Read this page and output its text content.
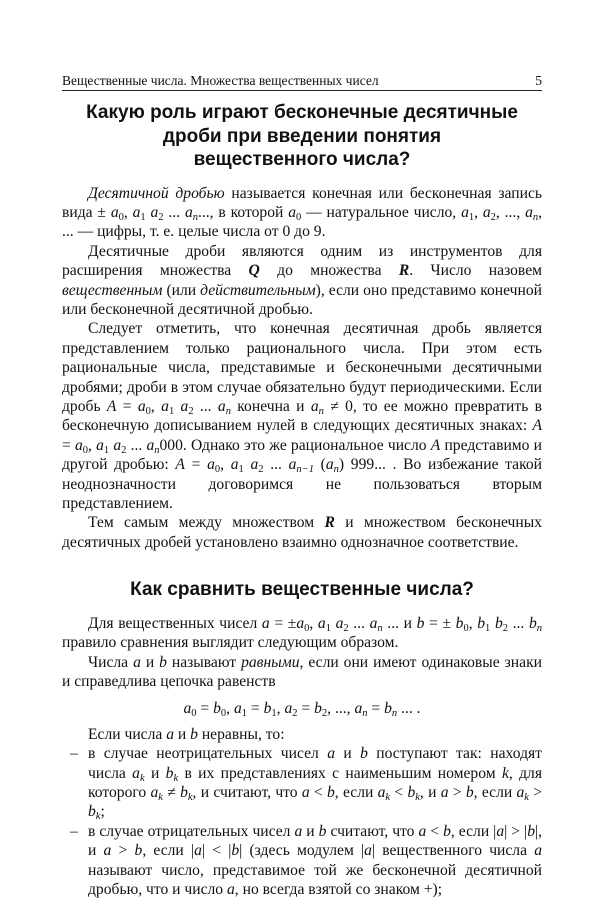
Вещественные числа. Множества вещественных чисел	5
Какую роль играют бесконечные десятичные
дроби при введении понятия
вещественного числа?

Десятичной дробью называется конечная или бесконечная запись вида ± $a_0$, $a_1$ $a_2$ ... $a_n$..., в которой $a_0$ — натуральное число, $a_1$, $a_2$, ..., $a_n$, ... — цифры, т. е. целые числа от 0 до 9.

Десятичные дроби являются одним из инструментов для расширения множества Q до множества R. Число назовем вещественным (или действительным), если оно представимо конечной или бесконечной десятичной дробью.

Следует отметить, что конечная десятичная дробь является представлением только рационального числа. При этом есть рациональные числа, представимые и бесконечными десятичными дробями; дроби в этом случае обязательно будут периодическими. Если дробь $A = a_0$, $a_1$ $a_2$ ... $a_n$ конечна и $a_n \ne 0$, то ее можно превратить в бесконечную дописыванием нулей в следующих десятичных знаках: $A = a_0$, $a_1$ $a_2$ ... $a_n000$. Однако это же рациональное число A представимо и другой дробью: $A = a_0$, $a_1$ $a_2$ ... $a_{n-1}$ $(a_n)$ 999... . Во избежание такой неоднозначности договоримся не пользоваться вторым представлением.

Тем самым между множеством R и множеством бесконечных десятичных дробей установлено взаимно однозначное соответствие.

Как сравнить вещественные числа?

Для вещественных чисел $a = \pm a_0$, $a_1$ $a_2$ ... $a_n$ ... и b = ± $b_0$, $b_1$ $b_2$ ... $b_n$ правило сравнения выглядит следующим образом.

Числа a и b называют равными, если они имеют одинаковые знаки и справедлива цепочка равенств

$a_0 = b_0$, $a_1 = b_1$, $a_2 = b_2$, ..., $a_n = b_n$ ... .

Если числа a и b неравны, то:

– в случае неотрицательных чисел a и b поступают так: находят числа $a_k$ и $b_k$ в их представлениях с наименьшим номером k, для которого $a_k \ne b_k$, и считают, что a < b, если $a_k < b_k$, и a > b, если $a_k > b_k$;

– в случае отрицательных чисел a и b считают, что a < b, если |a| > |b|, и a > b, если |a| < |b| (здесь модулем |a| вещественного числа a называют число, представимое той же бесконечной десятичной дробью, что и число a, но всегда взятой со знаком +);
